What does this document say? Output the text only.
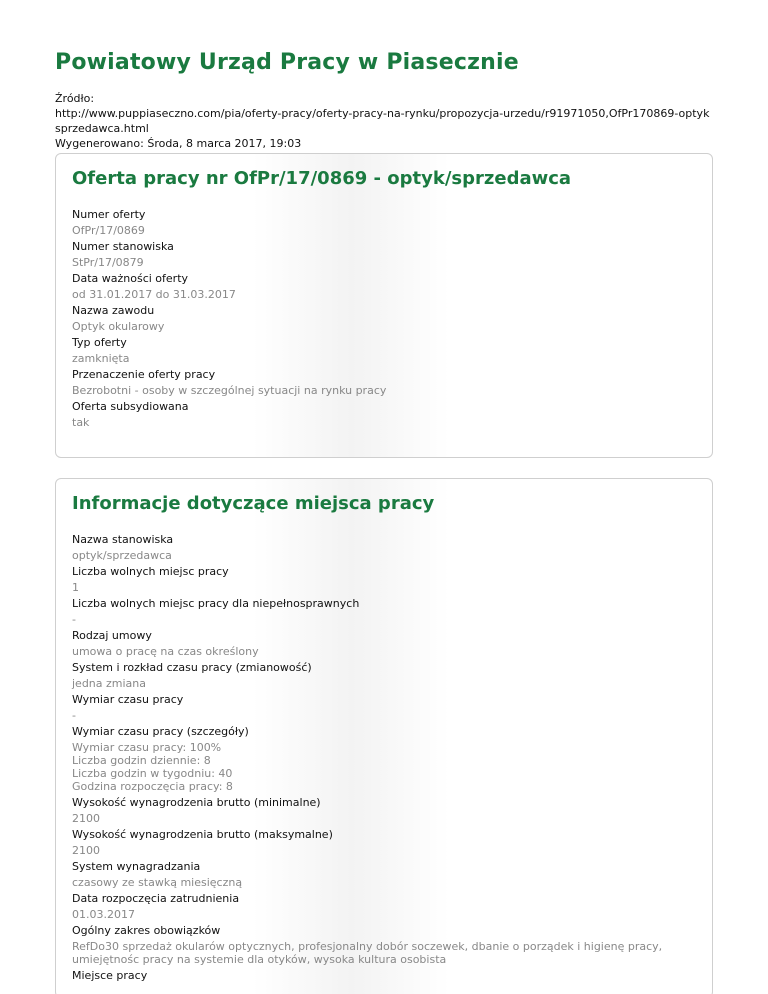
Powiatowy Urząd Pracy w Piasecznie
Źródło:
http://www.puppiaseczno.com/pia/oferty-pracy/oferty-pracy-na-rynku/propozycja-urzedu/r91971050,OfPr170869-optyksprzedawca.html
Wygenerowano: Środa, 8 marca 2017, 19:03
Oferta pracy nr OfPr/17/0869 - optyk/sprzedawca
Numer oferty
OfPr/17/0869
Numer stanowiska
StPr/17/0879
Data ważności oferty
od 31.01.2017 do 31.03.2017
Nazwa zawodu
Optyk okularowy
Typ oferty
zamknięta
Przenaczenie oferty pracy
Bezrobotni - osoby w szczególnej sytuacji na rynku pracy
Oferta subsydiowana
tak
Informacje dotyczące miejsca pracy
Nazwa stanowiska
optyk/sprzedawca
Liczba wolnych miejsc pracy
1
Liczba wolnych miejsc pracy dla niepełnosprawnych
-
Rodzaj umowy
umowa o pracę na czas określony
System i rozkład czasu pracy (zmianowość)
jedna zmiana
Wymiar czasu pracy
-
Wymiar czasu pracy (szczegóły)
Wymiar czasu pracy: 100%
Liczba godzin dziennie: 8
Liczba godzin w tygodniu: 40
Godzina rozpoczęcia pracy: 8
Wysokość wynagrodzenia brutto (minimalne)
2100
Wysokość wynagrodzenia brutto (maksymalne)
2100
System wynagradzania
czasowy ze stawką miesięczną
Data rozpoczęcia zatrudnienia
01.03.2017
Ogólny zakres obowiązków
RefDo30 sprzedaż okularów optycznych, profesjonalny dobór soczewek, dbanie o porządek i higienę pracy,
umiejętnośc pracy na systemie dla otyków, wysoka kultura osobista
Miejsce pracy
